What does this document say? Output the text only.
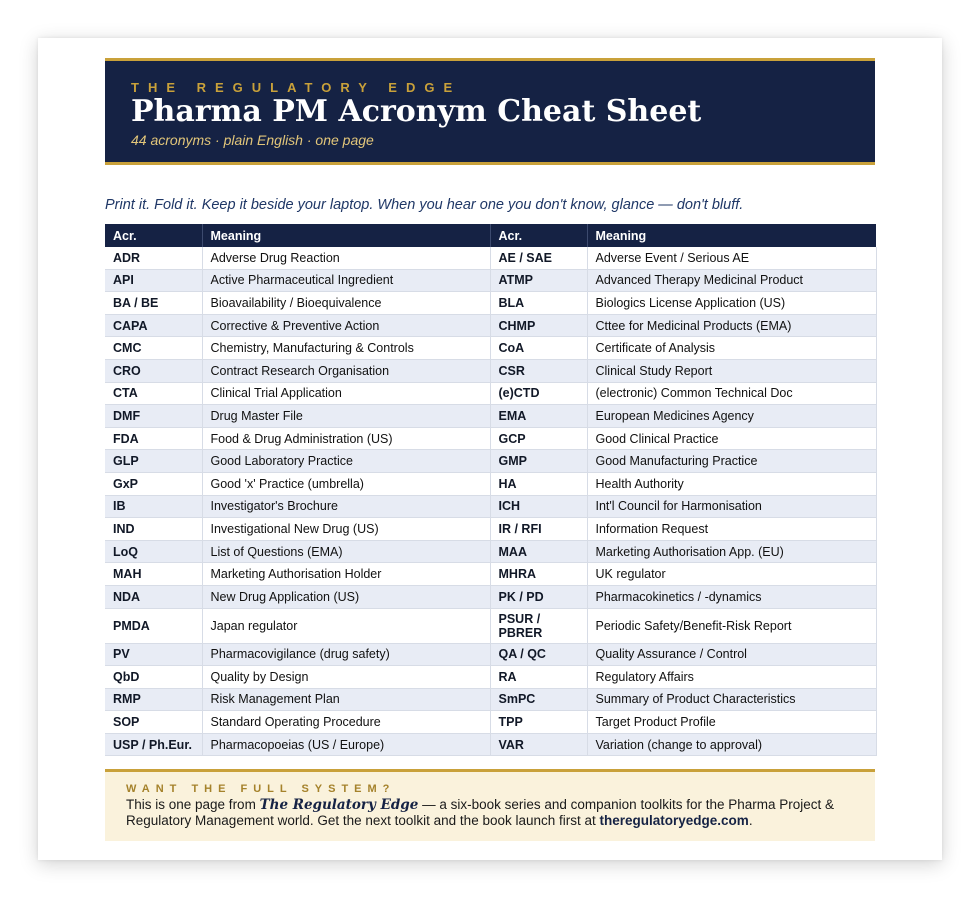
THE REGULATORY EDGE
Pharma PM Acronym Cheat Sheet
44 acronyms · plain English · one page
Print it. Fold it. Keep it beside your laptop. When you hear one you don't know, glance — don't bluff.
Acr.	Meaning	Acr.	Meaning
ADR	Adverse Drug Reaction	AE / SAE	Adverse Event / Serious AE
API	Active Pharmaceutical Ingredient	ATMP	Advanced Therapy Medicinal Product
BA / BE	Bioavailability / Bioequivalence	BLA	Biologics License Application (US)
CAPA	Corrective & Preventive Action	CHMP	Cttee for Medicinal Products (EMA)
CMC	Chemistry, Manufacturing & Controls	CoA	Certificate of Analysis
CRO	Contract Research Organisation	CSR	Clinical Study Report
CTA	Clinical Trial Application	(e)CTD	(electronic) Common Technical Doc
DMF	Drug Master File	EMA	European Medicines Agency
FDA	Food & Drug Administration (US)	GCP	Good Clinical Practice
GLP	Good Laboratory Practice	GMP	Good Manufacturing Practice
GxP	Good 'x' Practice (umbrella)	HA	Health Authority
IB	Investigator's Brochure	ICH	Int'l Council for Harmonisation
IND	Investigational New Drug (US)	IR / RFI	Information Request
LoQ	List of Questions (EMA)	MAA	Marketing Authorisation App. (EU)
MAH	Marketing Authorisation Holder	MHRA	UK regulator
NDA	New Drug Application (US)	PK / PD	Pharmacokinetics / -dynamics
PMDA	Japan regulator	PSUR / PBRER	Periodic Safety/Benefit-Risk Report
PV	Pharmacovigilance (drug safety)	QA / QC	Quality Assurance / Control
QbD	Quality by Design	RA	Regulatory Affairs
RMP	Risk Management Plan	SmPC	Summary of Product Characteristics
SOP	Standard Operating Procedure	TPP	Target Product Profile
USP / Ph.Eur.	Pharmacopoeias (US / Europe)	VAR	Variation (change to approval)
WANT THE FULL SYSTEM?
This is one page from The Regulatory Edge — a six-book series and companion toolkits for the Pharma Project & Regulatory Management world. Get the next toolkit and the book launch first at theregulatoryedge.com.
